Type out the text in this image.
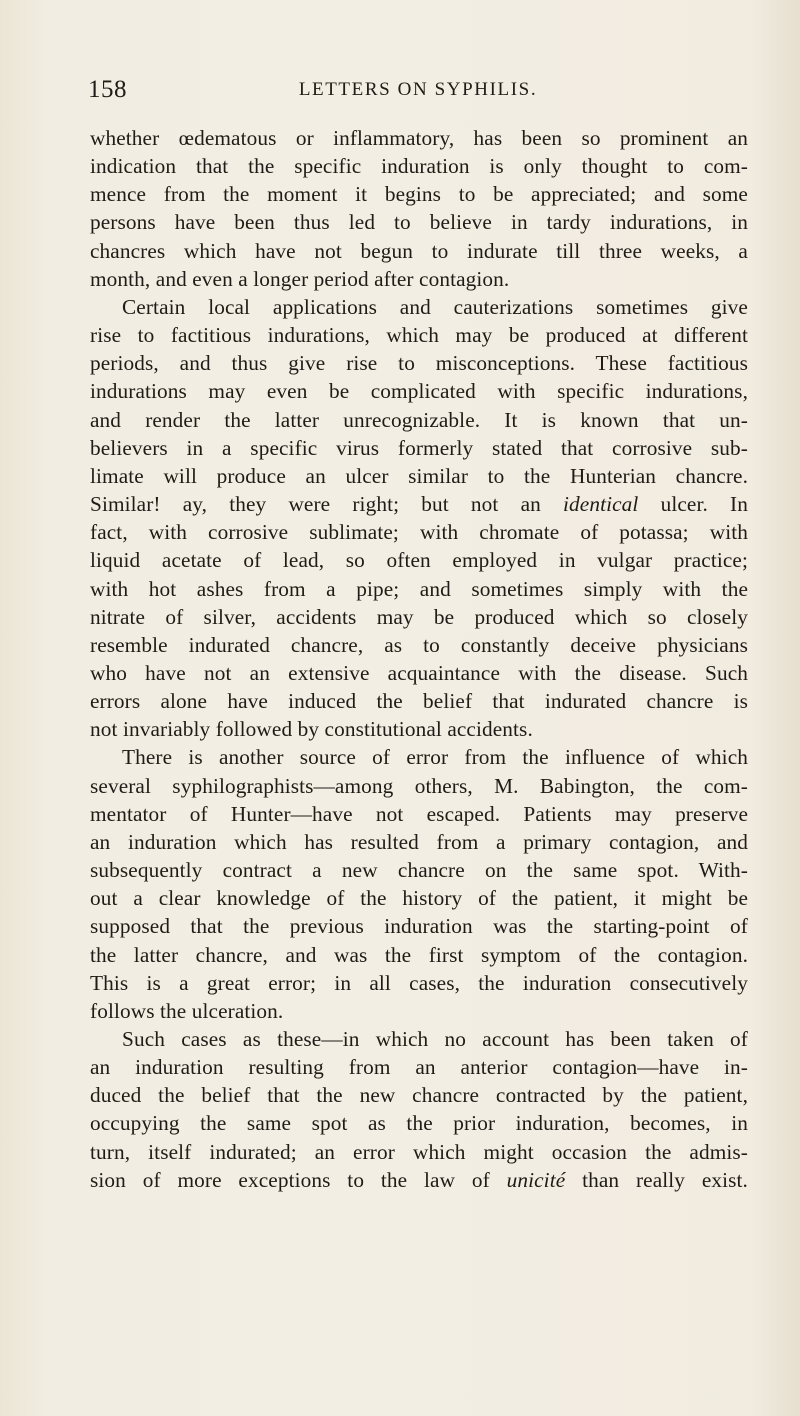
158	LETTERS ON SYPHILIS.

whether œdematous or inflammatory, has been so prominent an
indication that the specific induration is only thought to com-
mence from the moment it begins to be appreciated; and some
persons have been thus led to believe in tardy indurations, in
chancres which have not begun to indurate till three weeks, a
month, and even a longer period after contagion.

Certain local applications and cauterizations sometimes give
rise to factitious indurations, which may be produced at different
periods, and thus give rise to misconceptions. These factitious
indurations may even be complicated with specific indurations,
and render the latter unrecognizable. It is known that un-
believers in a specific virus formerly stated that corrosive sub-
limate will produce an ulcer similar to the Hunterian chancre.
Similar! ay, they were right; but not an identical ulcer. In
fact, with corrosive sublimate; with chromate of potassa; with
liquid acetate of lead, so often employed in vulgar practice;
with hot ashes from a pipe; and sometimes simply with the
nitrate of silver, accidents may be produced which so closely
resemble indurated chancre, as to constantly deceive physicians
who have not an extensive acquaintance with the disease. Such
errors alone have induced the belief that indurated chancre is
not invariably followed by constitutional accidents.

There is another source of error from the influence of which
several syphilographists—among others, M. Babington, the com-
mentator of Hunter—have not escaped. Patients may preserve
an induration which has resulted from a primary contagion, and
subsequently contract a new chancre on the same spot. With-
out a clear knowledge of the history of the patient, it might be
supposed that the previous induration was the starting-point of
the latter chancre, and was the first symptom of the contagion.
This is a great error; in all cases, the induration consecutively
follows the ulceration.

Such cases as these—in which no account has been taken of
an induration resulting from an anterior contagion—have in-
duced the belief that the new chancre contracted by the patient,
occupying the same spot as the prior induration, becomes, in
turn, itself indurated; an error which might occasion the admis-
sion of more exceptions to the law of unicité than really exist.
